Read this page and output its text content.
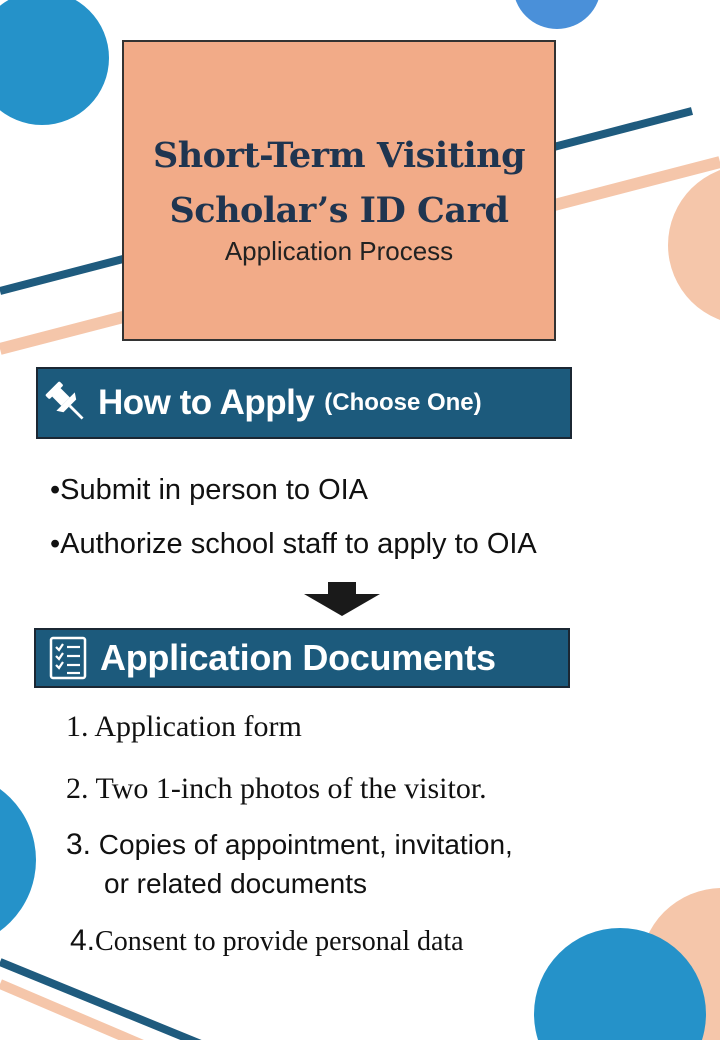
Short-Term Visiting
Scholar’s ID Card
Application Process
How to Apply (Choose One)
•Submit in person to OIA
•Authorize school staff to apply to OIA
Application Documents
1. Application form
2. Two 1-inch photos of the visitor.
3. Copies of appointment, invitation,
or related documents
4.Consent to provide personal data
